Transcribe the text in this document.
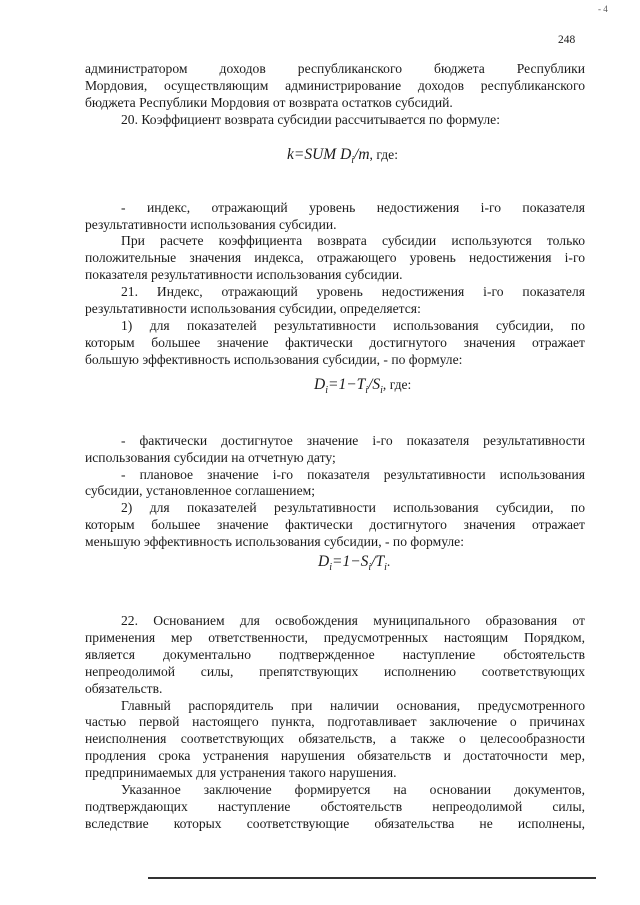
- 4
248

администратором доходов республиканского бюджета Республики

Мордовия, осуществляющим администрирование доходов республиканского

бюджета Республики Мордовия от возврата остатков субсидий.

20. Коэффициент возврата субсидии рассчитывается по формуле:

- индекс, отражающий уровень недостижения i-го показателя

результативности использования субсидии.

При расчете коэффициента возврата субсидии используются только

положительные значения индекса, отражающего уровень недостижения i-го

показателя результативности использования субсидии.

21. Индекс, отражающий уровень недостижения i-го показателя

результативности использования субсидии, определяется:

1) для показателей результативности использования субсидии, по

которым большее значение фактически достигнутого значения отражает

большую эффективность использования субсидии, - по формуле:

- фактически достигнутое значение i-го показателя результативности

использования субсидии на отчетную дату;

- плановое значение i-го показателя результативности использования

субсидии, установленное соглашением;

2) для показателей результативности использования субсидии, по

которым большее значение фактически достигнутого значения отражает

меньшую эффективность использования субсидии, - по формуле:

22. Основанием для освобождения муниципального образования от

применения мер ответственности, предусмотренных настоящим Порядком,

является документально подтвержденное наступление обстоятельств

непреодолимой силы, препятствующих исполнению соответствующих

обязательств.

Главный распорядитель при наличии основания, предусмотренного

частью первой настоящего пункта, подготавливает заключение о причинах

неисполнения соответствующих обязательств, а также о целесообразности

продления срока устранения нарушения обязательств и достаточности мер,

предпринимаемых для устранения такого нарушения.

Указанное заключение формируется на основании документов,

подтверждающих наступление обстоятельств непреодолимой силы,

вследствие которых соответствующие обязательства не исполнены,

k=SUM $D_i/m$, где:
$D_i=1-T_i/S_i$, где:
$D_i=1-S_i/T_i$.
